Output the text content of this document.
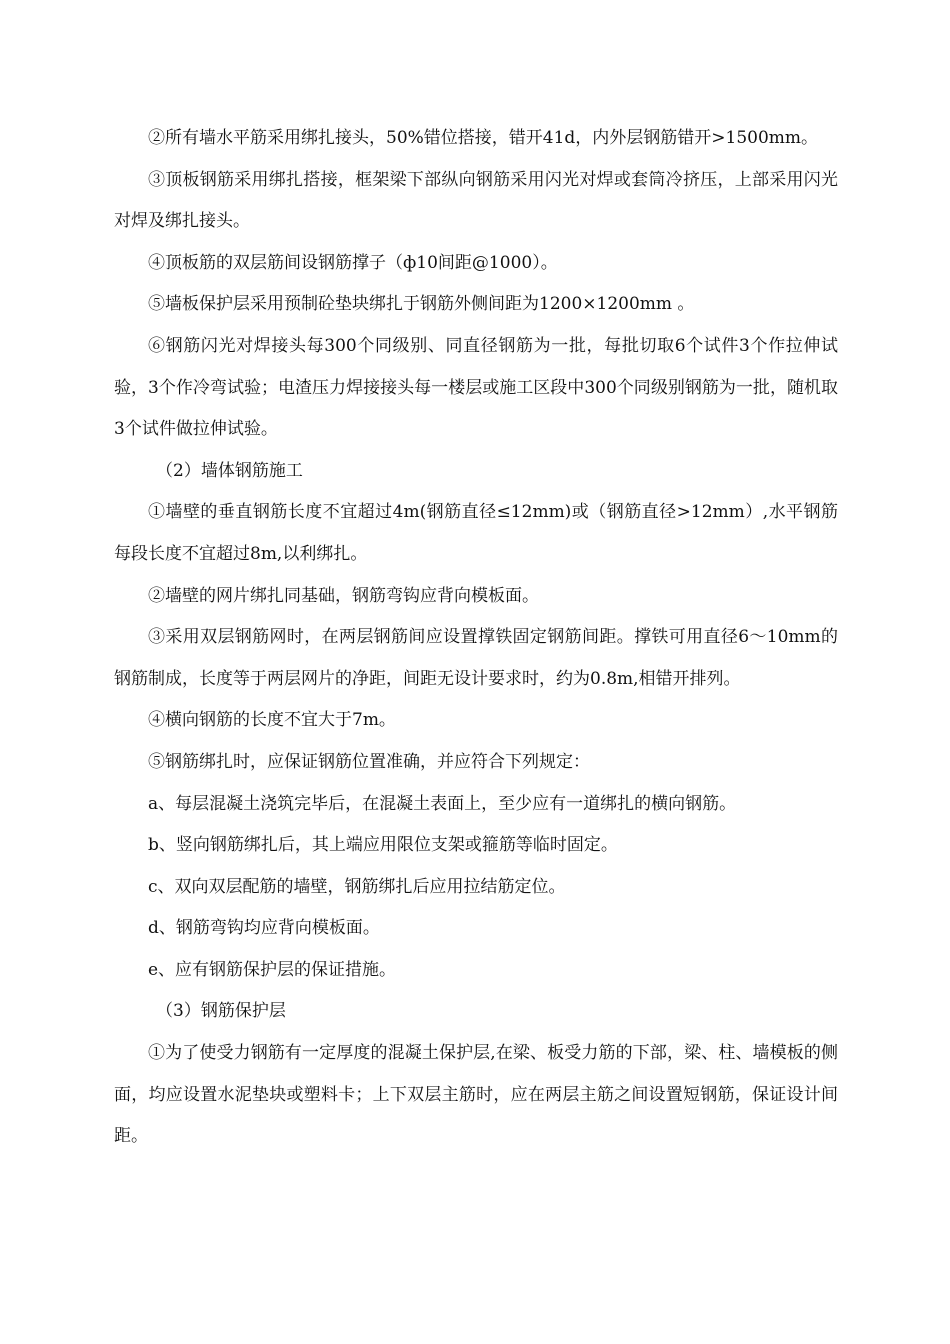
②所有墙水平筋采用绑扎接头，50%错位搭接，错开41d，内外层钢筋错开>1500mm。

③顶板钢筋采用绑扎搭接，框架梁下部纵向钢筋采用闪光对焊或套筒冷挤压，上部采用闪光对焊及绑扎接头。

④顶板筋的双层筋间设钢筋撑子（ф10间距@1000）。

⑤墙板保护层采用预制砼垫块绑扎于钢筋外侧间距为1200×1200mm 。

⑥钢筋闪光对焊接头每300个同级别、同直径钢筋为一批，每批切取6个试件3个作拉伸试验，3个作冷弯试验；电渣压力焊接接头每一楼层或施工区段中300个同级别钢筋为一批，随机取3个试件做拉伸试验。

（2）墙体钢筋施工

①墙壁的垂直钢筋长度不宜超过4m(钢筋直径≤12mm)或（钢筋直径>12mm）,水平钢筋每段长度不宜超过8m,以利绑扎。

②墙壁的网片绑扎同基础，钢筋弯钩应背向模板面。

③采用双层钢筋网时，在两层钢筋间应设置撑铁固定钢筋间距。撑铁可用直径6～10mm的钢筋制成，长度等于两层网片的净距，间距无设计要求时，约为0.8m,相错开排列。

④横向钢筋的长度不宜大于7m。

⑤钢筋绑扎时，应保证钢筋位置准确，并应符合下列规定：

a、每层混凝土浇筑完毕后，在混凝土表面上，至少应有一道绑扎的横向钢筋。

b、竖向钢筋绑扎后，其上端应用限位支架或箍筋等临时固定。

c、双向双层配筋的墙壁，钢筋绑扎后应用拉结筋定位。

d、钢筋弯钩均应背向模板面。

e、应有钢筋保护层的保证措施。

（3）钢筋保护层

①为了使受力钢筋有一定厚度的混凝土保护层,在梁、板受力筋的下部，梁、柱、墙模板的侧面，均应设置水泥垫块或塑料卡；上下双层主筋时，应在两层主筋之间设置短钢筋，保证设计间距。
